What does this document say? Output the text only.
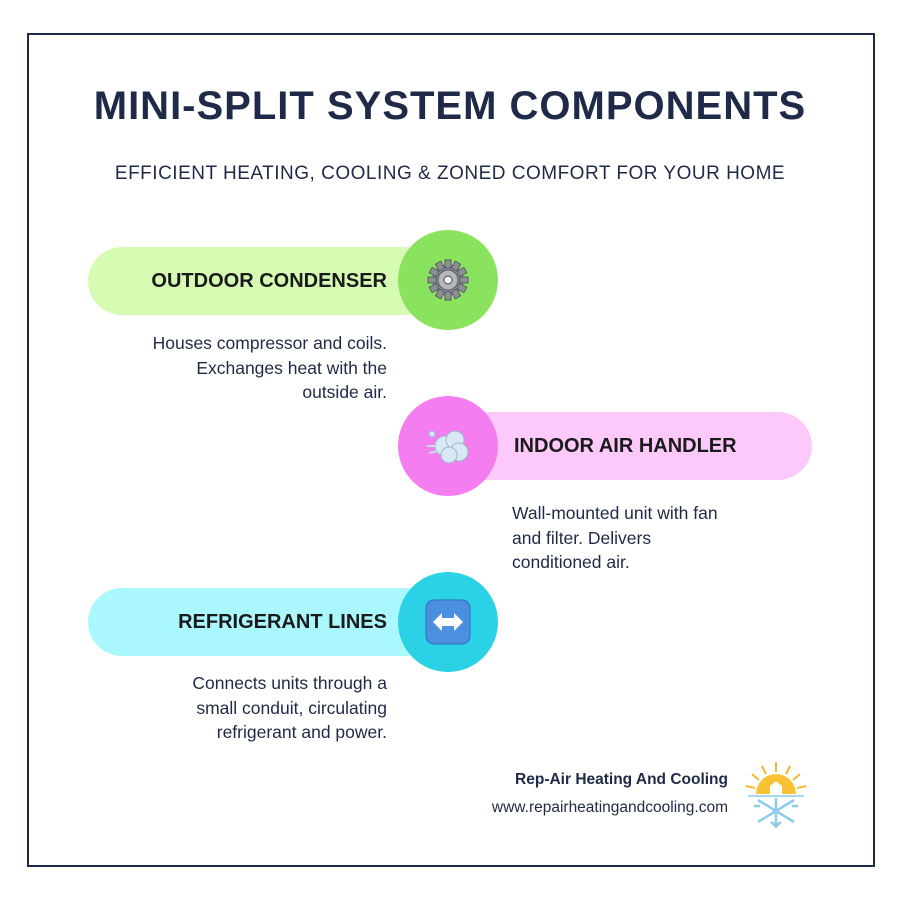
MINI-SPLIT SYSTEM COMPONENTS
EFFICIENT HEATING, COOLING & ZONED COMFORT FOR YOUR HOME
OUTDOOR CONDENSER
Houses compressor and coils.
Exchanges heat with the
outside air.
INDOOR AIR HANDLER
Wall-mounted unit with fan
and filter. Delivers
conditioned air.
REFRIGERANT LINES
Connects units through a
small conduit, circulating
refrigerant and power.
Rep-Air Heating And Cooling
www.repairheatingandcooling.com
